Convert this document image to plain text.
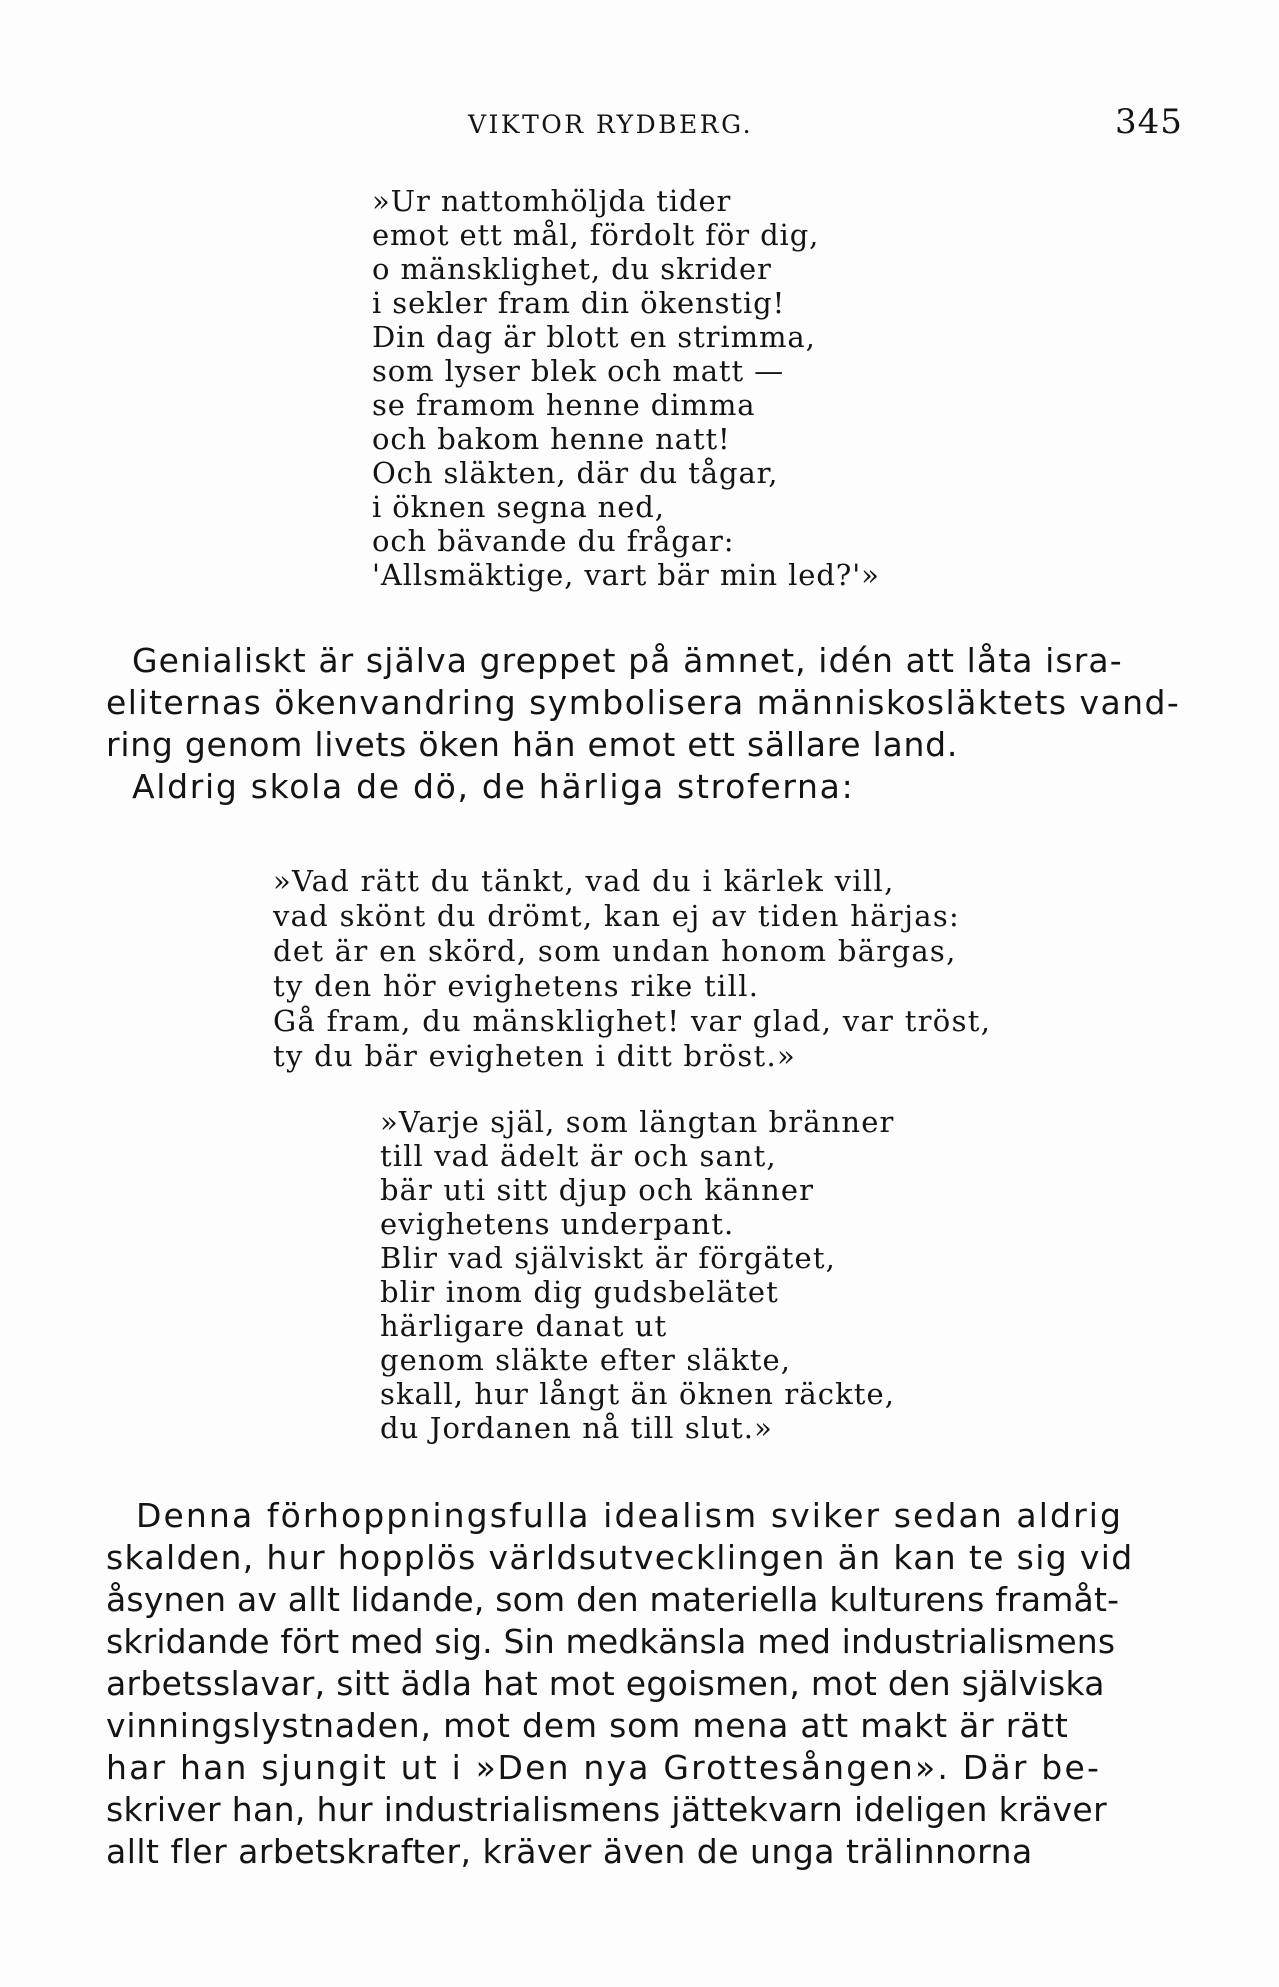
VIKTOR RYDBERG.	345
»Ur nattomhöljda tider
emot ett mål, fördolt för dig,
o mänsklighet, du skrider
i sekler fram din ökenstig!
Din dag är blott en strimma,
som lyser blek och matt —
se framom henne dimma
och bakom henne natt!
Och släkten, där du tågar,
i öknen segna ned,
och bävande du frågar:
'Allsmäktige, vart bär min led?'»
Genialiskt är själva greppet på ämnet, idén att låta isra-
eliternas ökenvandring symbolisera människosläktets vand-
ring genom livets öken hän emot ett sällare land.
Aldrig skola de dö, de härliga stroferna:
»Vad rätt du tänkt, vad du i kärlek vill,
vad skönt du drömt, kan ej av tiden härjas:
det är en skörd, som undan honom bärgas,
ty den hör evighetens rike till.
Gå fram, du mänsklighet! var glad, var tröst,
ty du bär evigheten i ditt bröst.»
»Varje själ, som längtan bränner
till vad ädelt är och sant,
bär uti sitt djup och känner
evighetens underpant.
Blir vad själviskt är förgätet,
blir inom dig gudsbelätet
härligare danat ut
genom släkte efter släkte,
skall, hur långt än öknen räckte,
du Jordanen nå till slut.»
Denna förhoppningsfulla idealism sviker sedan aldrig
skalden, hur hopplös världsutvecklingen än kan te sig vid
åsynen av allt lidande, som den materiella kulturens framåt-
skridande fört med sig. Sin medkänsla med industrialismens
arbetsslavar, sitt ädla hat mot egoismen, mot den själviska
vinningslystnaden, mot dem som mena att makt är rätt
har han sjungit ut i »Den nya Grottesången». Där be-
skriver han, hur industrialismens jättekvarn ideligen kräver
allt fler arbetskrafter, kräver även de unga trälinnorna
